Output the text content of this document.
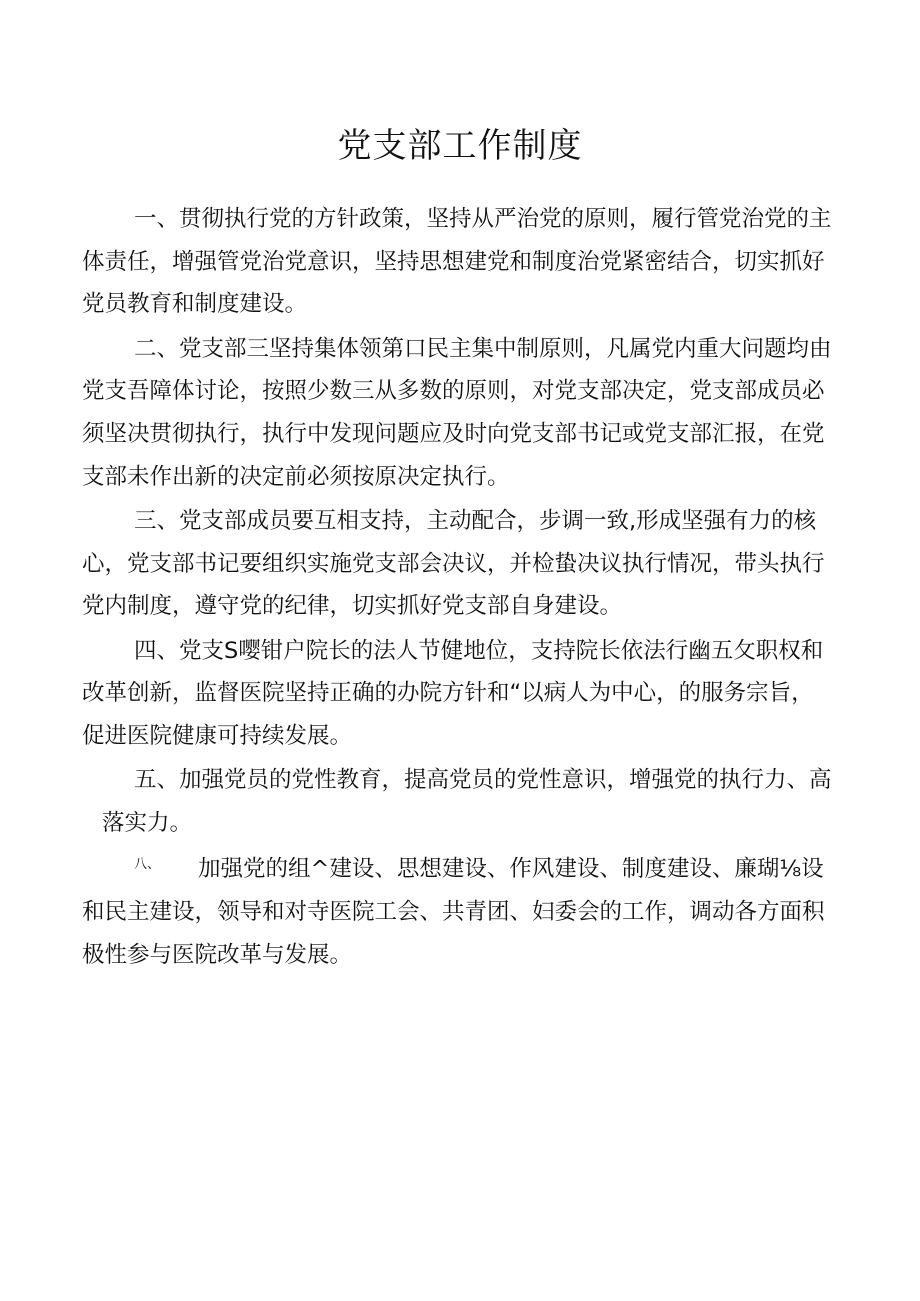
党支部工作制度
一、贯彻执行党的方针政策，坚持从严治党的原则，履行管党治党的主
体责任，增强管党治党意识，坚持思想建党和制度治党紧密结合，切实抓好
党员教育和制度建设。
二、党支部三坚持集体领第口民主集中制原则，凡属党内重大问题均由
党支吾障体讨论，按照少数三从多数的原则，对党支部决定，党支部成员必
须坚决贯彻执行，执行中发现问题应及时向党支部书记或党支部汇报，在党
支部未作出新的决定前必须按原决定执行。
三、党支部成员要互相支持，主动配合，步调一致,形成坚强有力的核
心，党支部书记要组织实施党支部会决议，并检蛰决议执行情况，带头执行
党内制度，遵守党的纪律，切实抓好党支部自身建设。
四、党支S嘤钳户院长的法人节健地位，支持院长依法行幽五攵职权和
改革创新，监督医院坚持正确的办院方针和“以病人为中心，的服务宗旨，
促进医院健康可持续发展。
五、加强党员的党性教育，提高党员的党性意识，增强党的执行力、高
落实力。
八、 加强党的组^建设、思想建设、作风建设、制度建设、廉瑚⅛设
和民主建设，领导和对寺医院工会、共青团、妇委会的工作，调动各方面积
极性参与医院改革与发展。
